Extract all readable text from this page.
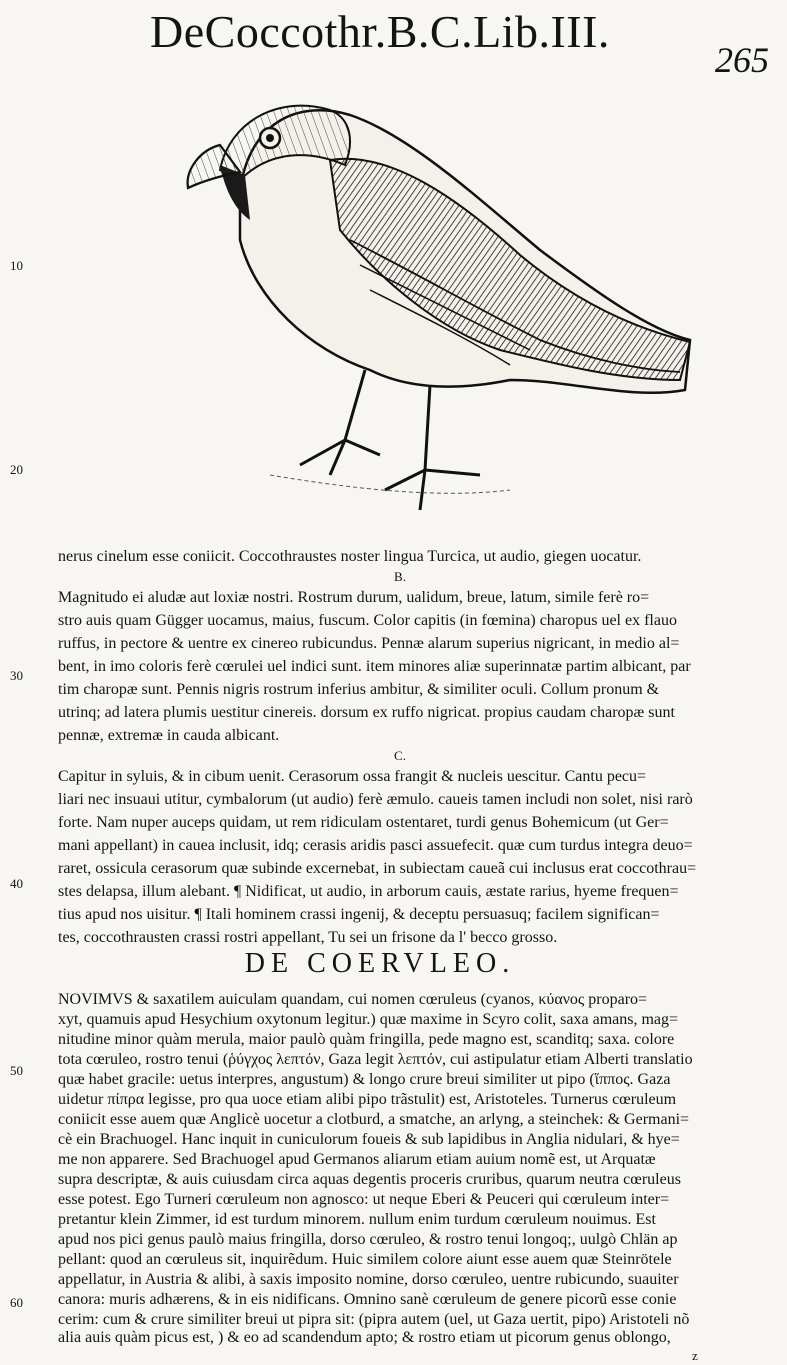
DeCoccothr.B.C.Lib.III.
265
10
20
30
40
50
60
nerus cinelum esse coniicit. Coccothraustes noster lingua Turcica, ut audio, giegen uocatur.
B.
Magnitudo ei aludæ aut loxiæ nostri. Rostrum durum, ualidum, breue, latum, simile ferè ro=
stro auis quam Gügger uocamus, maius, fuscum. Color capitis (in fœmina) charopus uel ex flauo
ruffus, in pectore & uentre ex cinereo rubicundus. Pennæ alarum superius nigricant, in medio al=
bent, in imo coloris ferè cœrulei uel indici sunt. item minores aliæ superinnatæ partim albicant, par
tim charopæ sunt. Pennis nigris rostrum inferius ambitur, & similiter oculi. Collum pronum &
utrinq; ad latera plumis uestitur cinereis. dorsum ex ruffo nigricat. propius caudam charopæ sunt
pennæ, extremæ in cauda albicant.
C.
Capitur in syluis, & in cibum uenit. Cerasorum ossa frangit & nucleis uescitur. Cantu pecu=
liari nec insuaui utitur, cymbalorum (ut audio) ferè æmulo. caueis tamen includi non solet, nisi rarò
forte. Nam nuper auceps quidam, ut rem ridiculam ostentaret, turdi genus Bohemicum (ut Ger=
mani appellant) in cauea inclusit, idq; cerasis aridis pasci assuefecit. quæ cum turdus integra deuo=
raret, ossicula cerasorum quæ subinde excernebat, in subiectam caueã cui inclusus erat coccothrau=
stes delapsa, illum alebant. ¶ Nidificat, ut audio, in arborum cauis, æstate rarius, hyeme frequen=
tius apud nos uisitur. ¶ Itali hominem crassi ingenij, & deceptu persuasuq; facilem significan=
tes, coccothrausten crassi rostri appellant, Tu sei un frisone da l' becco grosso.
DE COERVLEO.
NOVIMVS & saxatilem auiculam quandam, cui nomen cœruleus (cyanos, κύανος proparo=
xyt, quamuis apud Hesychium oxytonum legitur.) quæ maxime in Scyro colit, saxa amans, mag=
nitudine minor quàm merula, maior paulò quàm fringilla, pede magno est, scanditq; saxa. colore
tota cœruleo, rostro tenui (ῥύγχος λεπτόν, Gaza legit λεπτόν, cui astipulatur etiam Alberti translatio
quæ habet gracile: uetus interpres, angustum) & longo crure breui similiter ut pipo (ἵππος. Gaza
uidetur πίπρα legisse, pro qua uoce etiam alibi pipo trãstulit) est, Aristoteles. Turnerus cœruleum
coniicit esse auem quæ Anglicè uocetur a clotburd, a smatche, an arlyng, a steinchek: & Germani=
cè ein Brachuogel. Hanc inquit in cuniculorum foueis & sub lapidibus in Anglia nidulari, & hye=
me non apparere. Sed Brachuogel apud Germanos aliarum etiam auium nomẽ est, ut Arquatæ
supra descriptæ, & auis cuiusdam circa aquas degentis proceris cruribus, quarum neutra cœruleus
esse potest. Ego Turneri cœruleum non agnosco: ut neque Eberi & Peuceri qui cœruleum inter=
pretantur klein Zimmer, id est turdum minorem. nullum enim turdum cœruleum nouimus. Est
apud nos pici genus paulò maius fringilla, dorso cœruleo, & rostro tenui longoq;, uulgò Chlän ap
pellant: quod an cœruleus sit, inquirẽdum. Huic similem colore aiunt esse auem quæ Steinrötele
appellatur, in Austria & alibi, à saxis imposito nomine, dorso cœruleo, uentre rubicundo, suauiter
canora: muris adhærens, & in eis nidificans. Omnino sanè cœruleum de genere picorũ esse conie
cerim: cum & crure similiter breui ut pipra sit: (pipra autem (uel, ut Gaza uertit, pipo) Aristoteli nõ
alia auis quàm picus est, ) & eo ad scandendum apto; & rostro etiam ut picorum genus oblongo,
z
